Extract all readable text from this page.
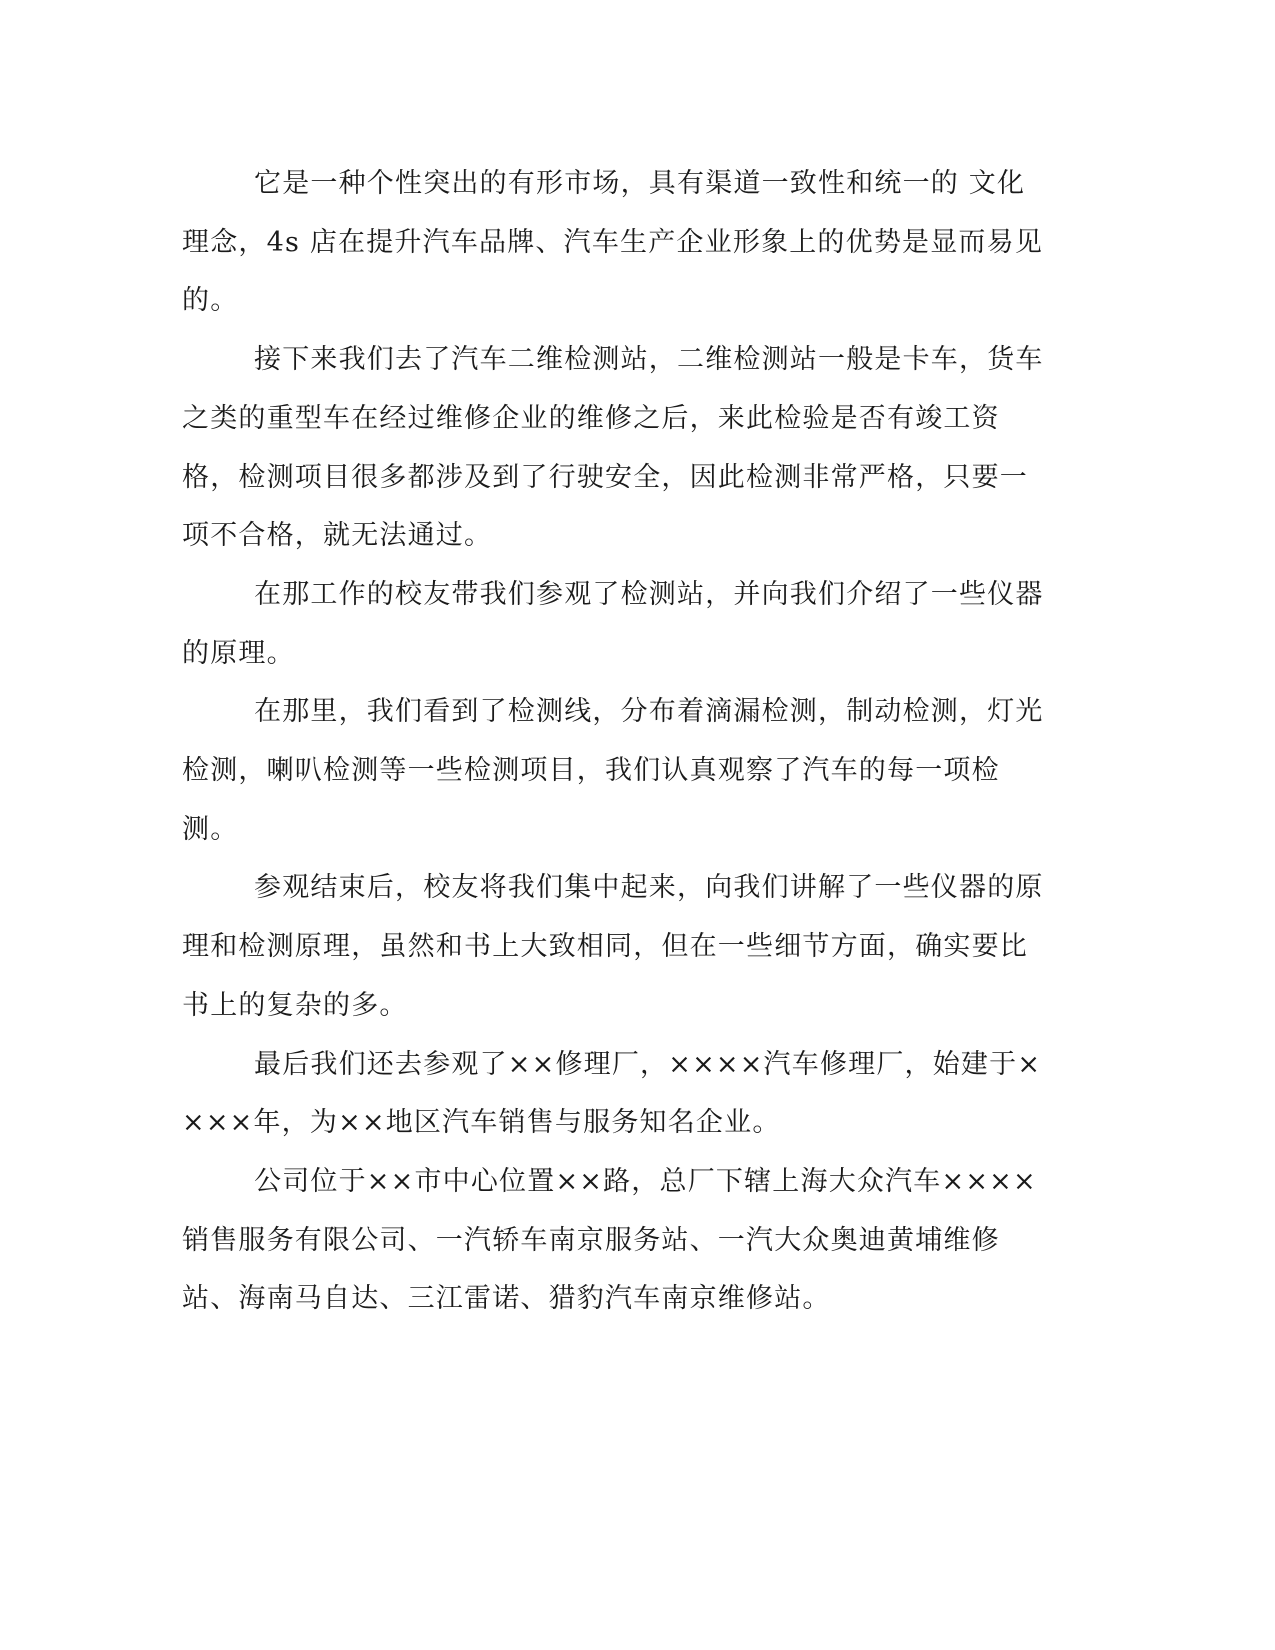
它是一种个性突出的有形市场，具有渠道一致性和统一的 文化理念，4s 店在提升汽车品牌、汽车生产企业形象上的优势是显而易见的。

接下来我们去了汽车二维检测站，二维检测站一般是卡车，货车之类的重型车在经过维修企业的维修之后，来此检验是否有竣工资格，检测项目很多都涉及到了行驶安全，因此检测非常严格，只要一项不合格，就无法通过。

在那工作的校友带我们参观了检测站，并向我们介绍了一些仪器的原理。

在那里，我们看到了检测线，分布着滴漏检测，制动检测，灯光检测，喇叭检测等一些检测项目，我们认真观察了汽车的每一项检测。

参观结束后，校友将我们集中起来，向我们讲解了一些仪器的原理和检测原理，虽然和书上大致相同，但在一些细节方面，确实要比书上的复杂的多。

最后我们还去参观了××修理厂，××××汽车修理厂，始建于××××年，为××地区汽车销售与服务知名企业。

公司位于××市中心位置××路，总厂下辖上海大众汽车××××销售服务有限公司、一汽轿车南京服务站、一汽大众奥迪黄埔维修站、海南马自达、三江雷诺、猎豹汽车南京维修站。
